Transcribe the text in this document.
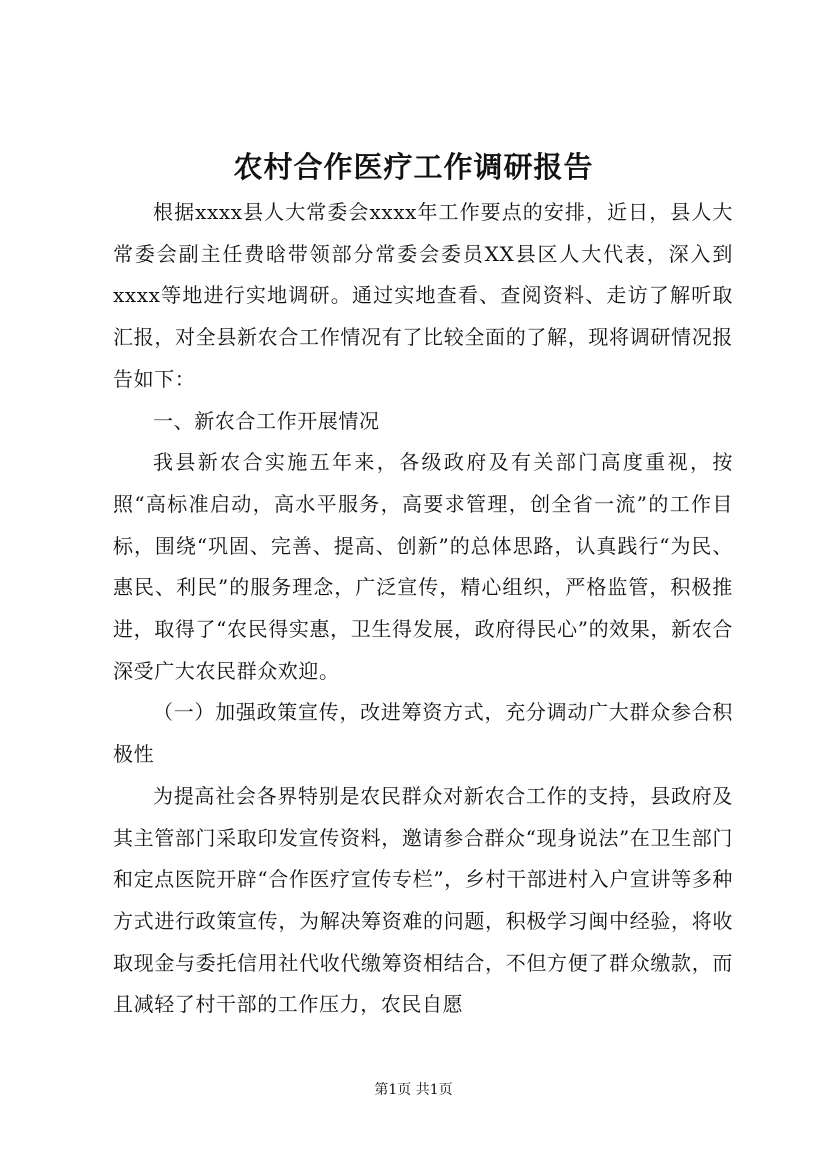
农村合作医疗工作调研报告

根据xxxx县人大常委会xxxx年工作要点的安排，近日，县人大常委会副主任费晗带领部分常委会委员XX县区人大代表，深入到xxxx等地进行实地调研。通过实地查看、查阅资料、走访了解听取汇报，对全县新农合工作情况有了比较全面的了解，现将调研情况报告如下：

一、新农合工作开展情况

我县新农合实施五年来，各级政府及有关部门高度重视，按照“高标准启动，高水平服务，高要求管理，创全省一流”的工作目标，围绕“巩固、完善、提高、创新”的总体思路，认真践行“为民、惠民、利民”的服务理念，广泛宣传，精心组织，严格监管，积极推进，取得了“农民得实惠，卫生得发展，政府得民心”的效果，新农合深受广大农民群众欢迎。

（一）加强政策宣传，改进筹资方式，充分调动广大群众参合积极性

为提高社会各界特别是农民群众对新农合工作的支持，县政府及其主管部门采取印发宣传资料，邀请参合群众“现身说法”在卫生部门和定点医院开辟“合作医疗宣传专栏”，乡村干部进村入户宣讲等多种方式进行政策宣传，为解决筹资难的问题，积极学习闽中经验，将收取现金与委托信用社代收代缴筹资相结合，不但方便了群众缴款，而且减轻了村干部的工作压力，农民自愿

第1页 共1页
